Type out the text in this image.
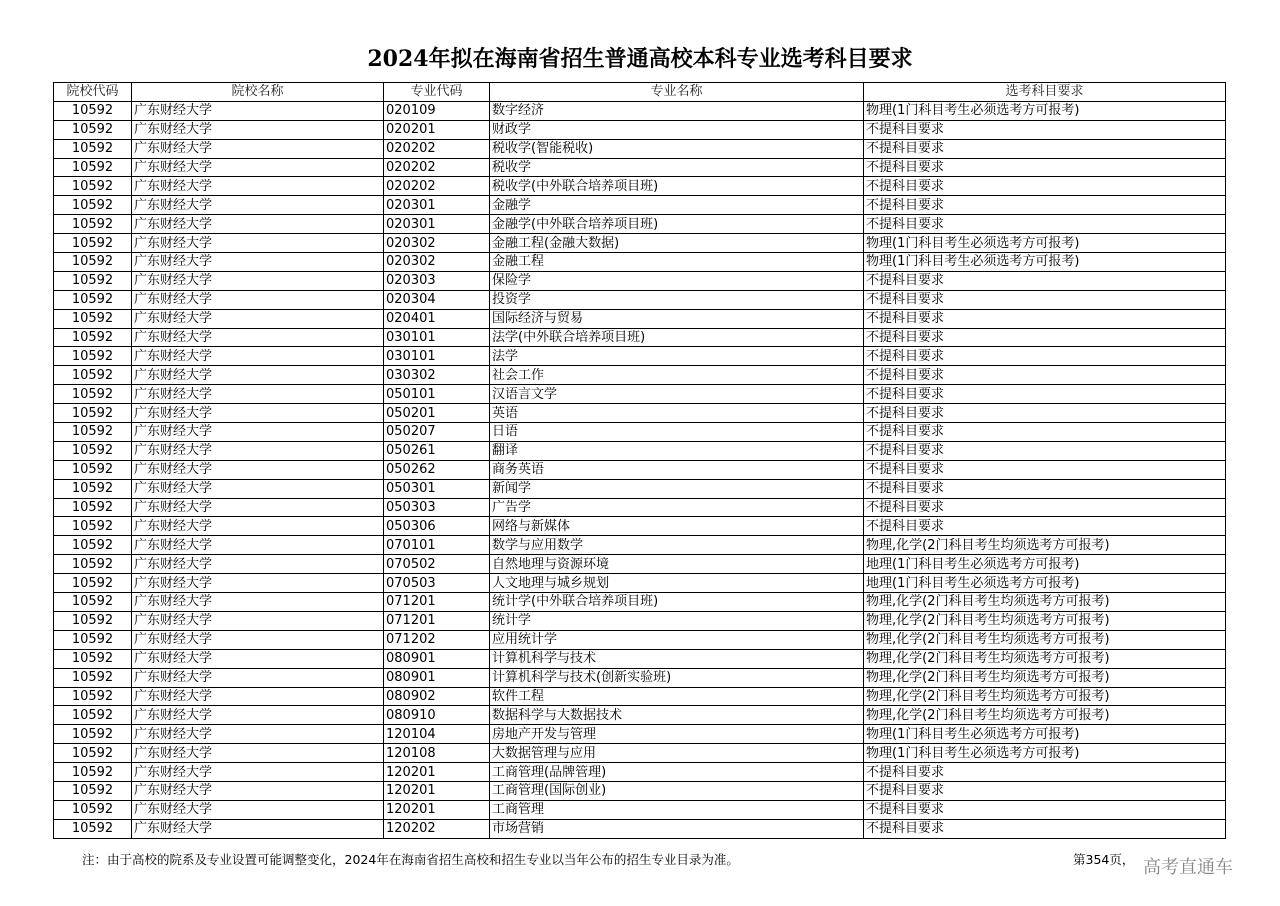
2024年拟在海南省招生普通高校本科专业选考科目要求
院校代码	院校名称	专业代码	专业名称	选考科目要求
10592	广东财经大学	020109	数字经济	物理(1门科目考生必须选考方可报考)
10592	广东财经大学	020201	财政学	不提科目要求
10592	广东财经大学	020202	税收学(智能税收)	不提科目要求
10592	广东财经大学	020202	税收学	不提科目要求
10592	广东财经大学	020202	税收学(中外联合培养项目班)	不提科目要求
10592	广东财经大学	020301	金融学	不提科目要求
10592	广东财经大学	020301	金融学(中外联合培养项目班)	不提科目要求
10592	广东财经大学	020302	金融工程(金融大数据)	物理(1门科目考生必须选考方可报考)
10592	广东财经大学	020302	金融工程	物理(1门科目考生必须选考方可报考)
10592	广东财经大学	020303	保险学	不提科目要求
10592	广东财经大学	020304	投资学	不提科目要求
10592	广东财经大学	020401	国际经济与贸易	不提科目要求
10592	广东财经大学	030101	法学(中外联合培养项目班)	不提科目要求
10592	广东财经大学	030101	法学	不提科目要求
10592	广东财经大学	030302	社会工作	不提科目要求
10592	广东财经大学	050101	汉语言文学	不提科目要求
10592	广东财经大学	050201	英语	不提科目要求
10592	广东财经大学	050207	日语	不提科目要求
10592	广东财经大学	050261	翻译	不提科目要求
10592	广东财经大学	050262	商务英语	不提科目要求
10592	广东财经大学	050301	新闻学	不提科目要求
10592	广东财经大学	050303	广告学	不提科目要求
10592	广东财经大学	050306	网络与新媒体	不提科目要求
10592	广东财经大学	070101	数学与应用数学	物理,化学(2门科目考生均须选考方可报考)
10592	广东财经大学	070502	自然地理与资源环境	地理(1门科目考生必须选考方可报考)
10592	广东财经大学	070503	人文地理与城乡规划	地理(1门科目考生必须选考方可报考)
10592	广东财经大学	071201	统计学(中外联合培养项目班)	物理,化学(2门科目考生均须选考方可报考)
10592	广东财经大学	071201	统计学	物理,化学(2门科目考生均须选考方可报考)
10592	广东财经大学	071202	应用统计学	物理,化学(2门科目考生均须选考方可报考)
10592	广东财经大学	080901	计算机科学与技术	物理,化学(2门科目考生均须选考方可报考)
10592	广东财经大学	080901	计算机科学与技术(创新实验班)	物理,化学(2门科目考生均须选考方可报考)
10592	广东财经大学	080902	软件工程	物理,化学(2门科目考生均须选考方可报考)
10592	广东财经大学	080910	数据科学与大数据技术	物理,化学(2门科目考生均须选考方可报考)
10592	广东财经大学	120104	房地产开发与管理	物理(1门科目考生必须选考方可报考)
10592	广东财经大学	120108	大数据管理与应用	物理(1门科目考生必须选考方可报考)
10592	广东财经大学	120201	工商管理(品牌管理)	不提科目要求
10592	广东财经大学	120201	工商管理(国际创业)	不提科目要求
10592	广东财经大学	120201	工商管理	不提科目要求
10592	广东财经大学	120202	市场营销	不提科目要求
注：由于高校的院系及专业设置可能调整变化，2024年在海南省招生高校和招生专业以当年公布的招生专业目录为准。	第354页， 高考直通车
